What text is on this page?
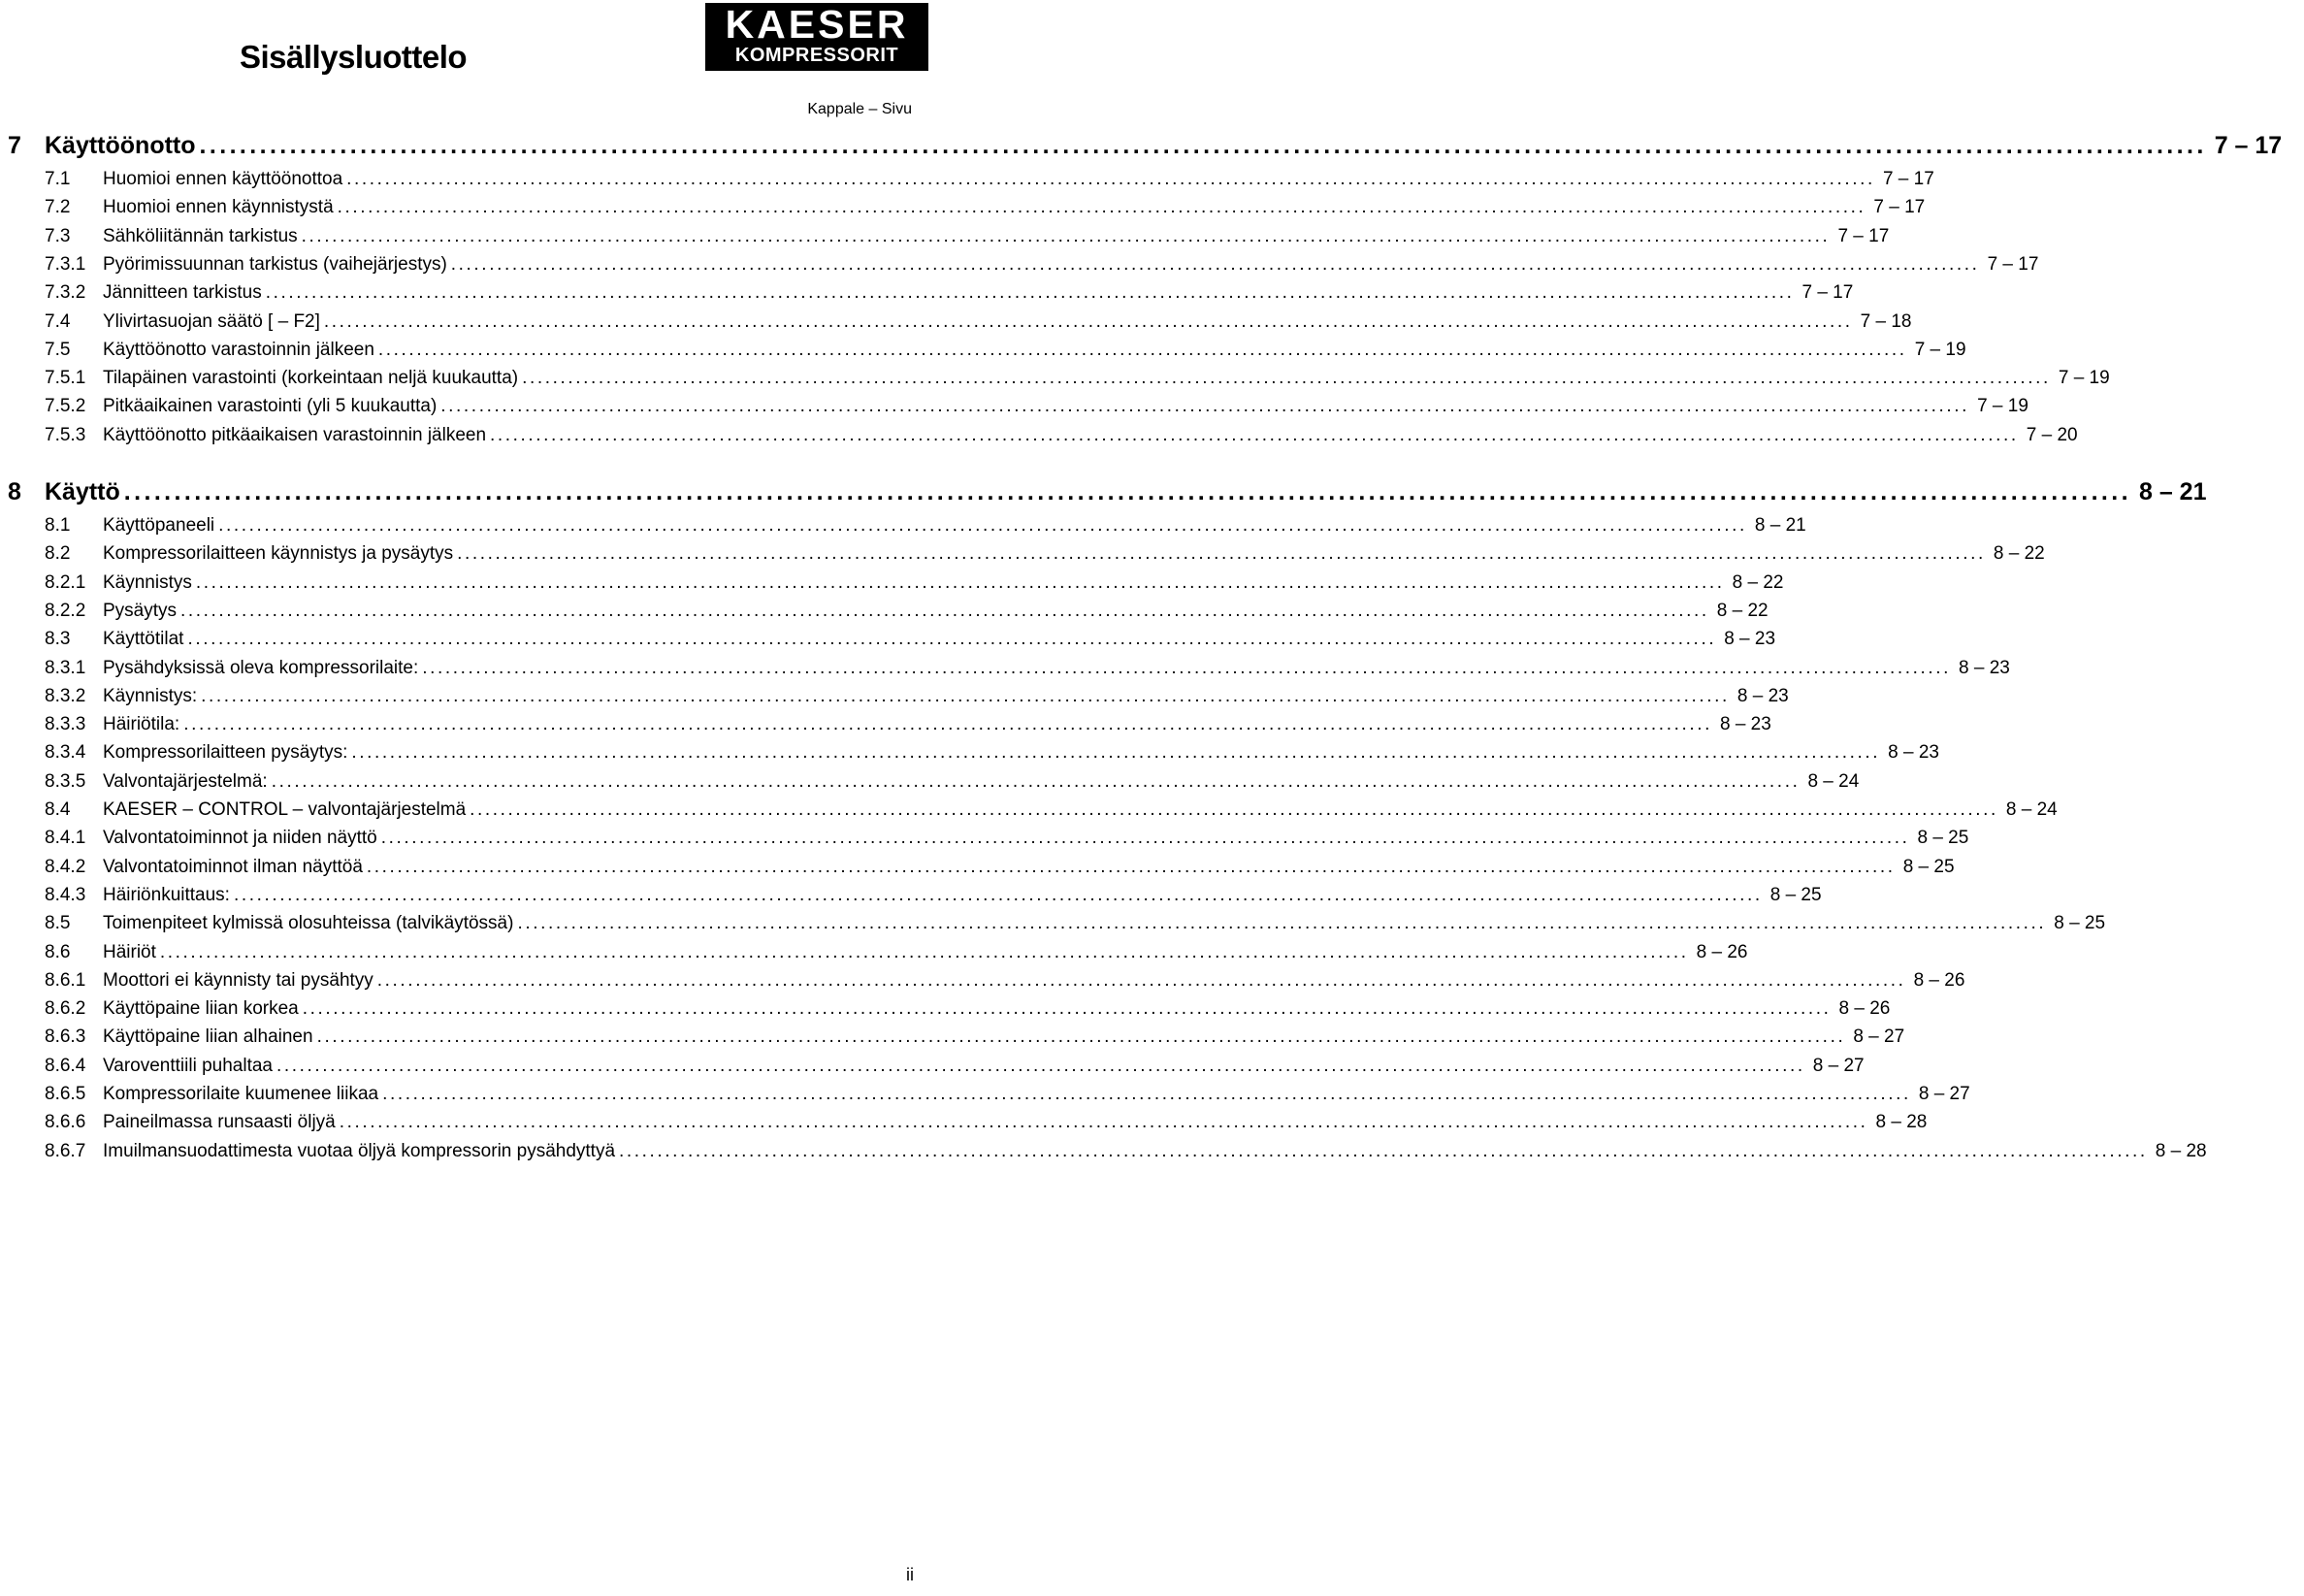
Sisällysluottelo
KAESER
KOMPRESSORIT
Kappale – Sivu
7 Käyttöönotto ........................................................................................................................................................................................................ 7 – 17
7.1	Huomioi ennen käyttöönottoa ........................................................................................................................................................................................................ 7 – 17
7.2	Huomioi ennen käynnistystä ........................................................................................................................................................................................................ 7 – 17
7.3	Sähköliitännän tarkistus ........................................................................................................................................................................................................ 7 – 17
7.3.1 Pyörimissuunnan tarkistus (vaihejärjestys) ........................................................................................................................................................................................................ 7 – 17
7.3.2 Jännitteen tarkistus ........................................................................................................................................................................................................ 7 – 17
7.4	Ylivirtasuojan säätö [ – F2] ........................................................................................................................................................................................................ 7 – 18
7.5	Käyttöönotto varastoinnin jälkeen ........................................................................................................................................................................................................ 7 – 19
7.5.1 Tilapäinen varastointi (korkeintaan neljä kuukautta) ........................................................................................................................................................................................................ 7 – 19
7.5.2 Pitkäaikainen varastointi (yli 5 kuukautta) ........................................................................................................................................................................................................ 7 – 19
7.5.3 Käyttöönotto pitkäaikaisen varastoinnin jälkeen ........................................................................................................................................................................................................ 7 – 20
8 Käyttö ........................................................................................................................................................................................................ 8 – 21
8.1	Käyttöpaneeli ........................................................................................................................................................................................................ 8 – 21
8.2	Kompressorilaitteen käynnistys ja pysäytys ........................................................................................................................................................................................................ 8 – 22
8.2.1 Käynnistys ........................................................................................................................................................................................................ 8 – 22
8.2.2 Pysäytys ........................................................................................................................................................................................................ 8 – 22
8.3	Käyttötilat ........................................................................................................................................................................................................ 8 – 23
8.3.1 Pysähdyksissä oleva kompressorilaite: ........................................................................................................................................................................................................ 8 – 23
8.3.2 Käynnistys: ........................................................................................................................................................................................................ 8 – 23
8.3.3 Häiriötila: ........................................................................................................................................................................................................ 8 – 23
8.3.4 Kompressorilaitteen pysäytys: ........................................................................................................................................................................................................ 8 – 23
8.3.5 Valvontajärjestelmä: ........................................................................................................................................................................................................ 8 – 24
8.4	KAESER – CONTROL – valvontajärjestelmä ........................................................................................................................................................................................................ 8 – 24
8.4.1 Valvontatoiminnot ja niiden näyttö ........................................................................................................................................................................................................ 8 – 25
8.4.2 Valvontatoiminnot ilman näyttöä ........................................................................................................................................................................................................ 8 – 25
8.4.3 Häiriönkuittaus: ........................................................................................................................................................................................................ 8 – 25
8.5	Toimenpiteet kylmissä olosuhteissa (talvikäytössä) ........................................................................................................................................................................................................ 8 – 25
8.6	Häiriöt ........................................................................................................................................................................................................ 8 – 26
8.6.1 Moottori ei käynnisty tai pysähtyy ........................................................................................................................................................................................................ 8 – 26
8.6.2 Käyttöpaine liian korkea ........................................................................................................................................................................................................ 8 – 26
8.6.3 Käyttöpaine liian alhainen ........................................................................................................................................................................................................ 8 – 27
8.6.4 Varoventtiili puhaltaa ........................................................................................................................................................................................................ 8 – 27
8.6.5 Kompressorilaite kuumenee liikaa ........................................................................................................................................................................................................ 8 – 27
8.6.6 Paineilmassa runsaasti öljyä ........................................................................................................................................................................................................ 8 – 28
8.6.7 Imuilmansuodattimesta vuotaa öljyä kompressorin pysähdyttyä ........................................................................................................................................................................................................ 8 – 28
ii
